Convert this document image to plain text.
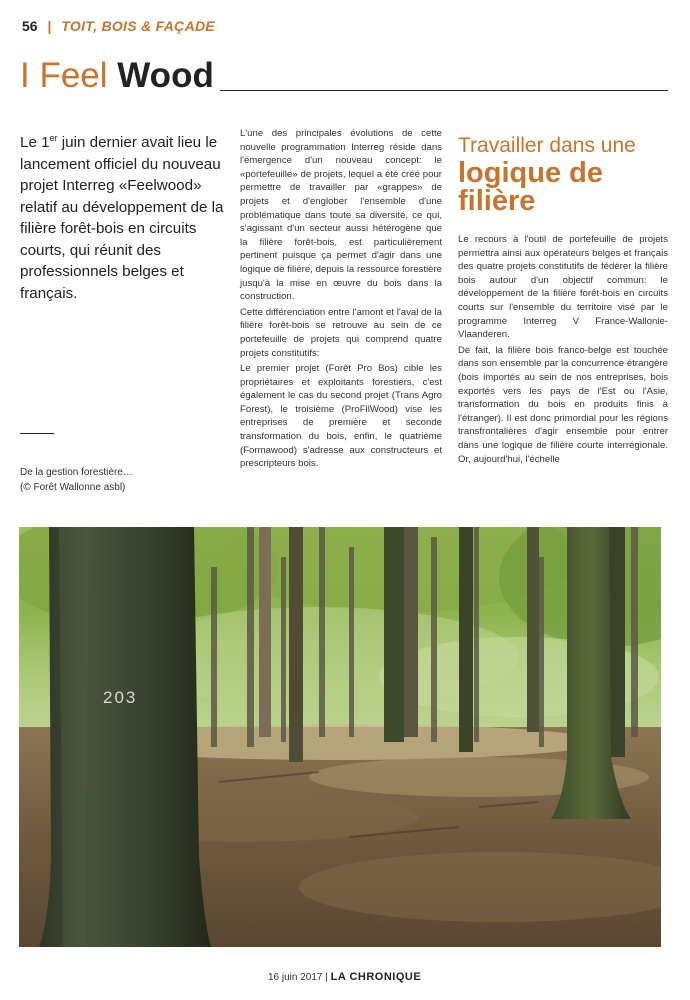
56 | TOIT, BOIS & FAÇADE
I Feel Wood
Le 1er juin dernier avait lieu le lancement officiel du nouveau projet Interreg «Feelwood» relatif au développement de la filière forêt-bois en circuits courts, qui réunit des professionnels belges et français.
De la gestion forestière…
(© Forêt Wallonne asbl)

L'une des principales évolutions de cette nouvelle programmation Interreg réside dans l'émergence d'un nouveau concept: le «portefeuille» de projets, lequel a été créé pour permettre de travailler par «grappes» de projets et d'englober l'ensemble d'une problématique dans toute sa diversité, ce qui, s'agissant d'un secteur aussi hétérogène que la filière forêt-bois, est particulièrement pertinent puisque ça permet d'agir dans une logique de filière, depuis la ressource forestière jusqu'à la mise en œuvre du bois dans la construction.

Cette différenciation entre l'amont et l'aval de la filière forêt-bois se retrouve au sein de ce portefeuille de projets qui comprend quatre projets constitutifs:

Le premier projet (Forêt Pro Bos) cible les propriétaires et exploitants forestiers, c'est également le cas du second projet (Trans Agro Forest), le troisième (ProFilWood) vise les entreprises de première et seconde transformation du bois, enfin, le quatrième (Formawood) s'adresse aux constructeurs et prescripteurs bois.

Travailler dans une
logique de filière

Le recours à l'outil de portefeuille de projets permettra ainsi aux opérateurs belges et français des quatre projets constitutifs de fédérer la filière bois autour d'un objectif commun: le développement de la filière forêt-bois en circuits courts sur l'ensemble du territoire visé par le programme Interreg V France-Wallonie-Vlaanderen.

De fait, la filière bois franco-belge est touchée dans son ensemble par la concurrence étrangère (bois importés au sein de nos entreprises, bois exportés vers les pays de l'Est ou l'Asie, transformation du bois en produits finis à l'étranger). Il est donc primordial pour les régions transfrontalières d'agir ensemble pour entrer dans une logique de filière courte interrégionale. Or, aujourd'hui, l'échelle

203
16 juin 2017 | LA CHRONIQUE
